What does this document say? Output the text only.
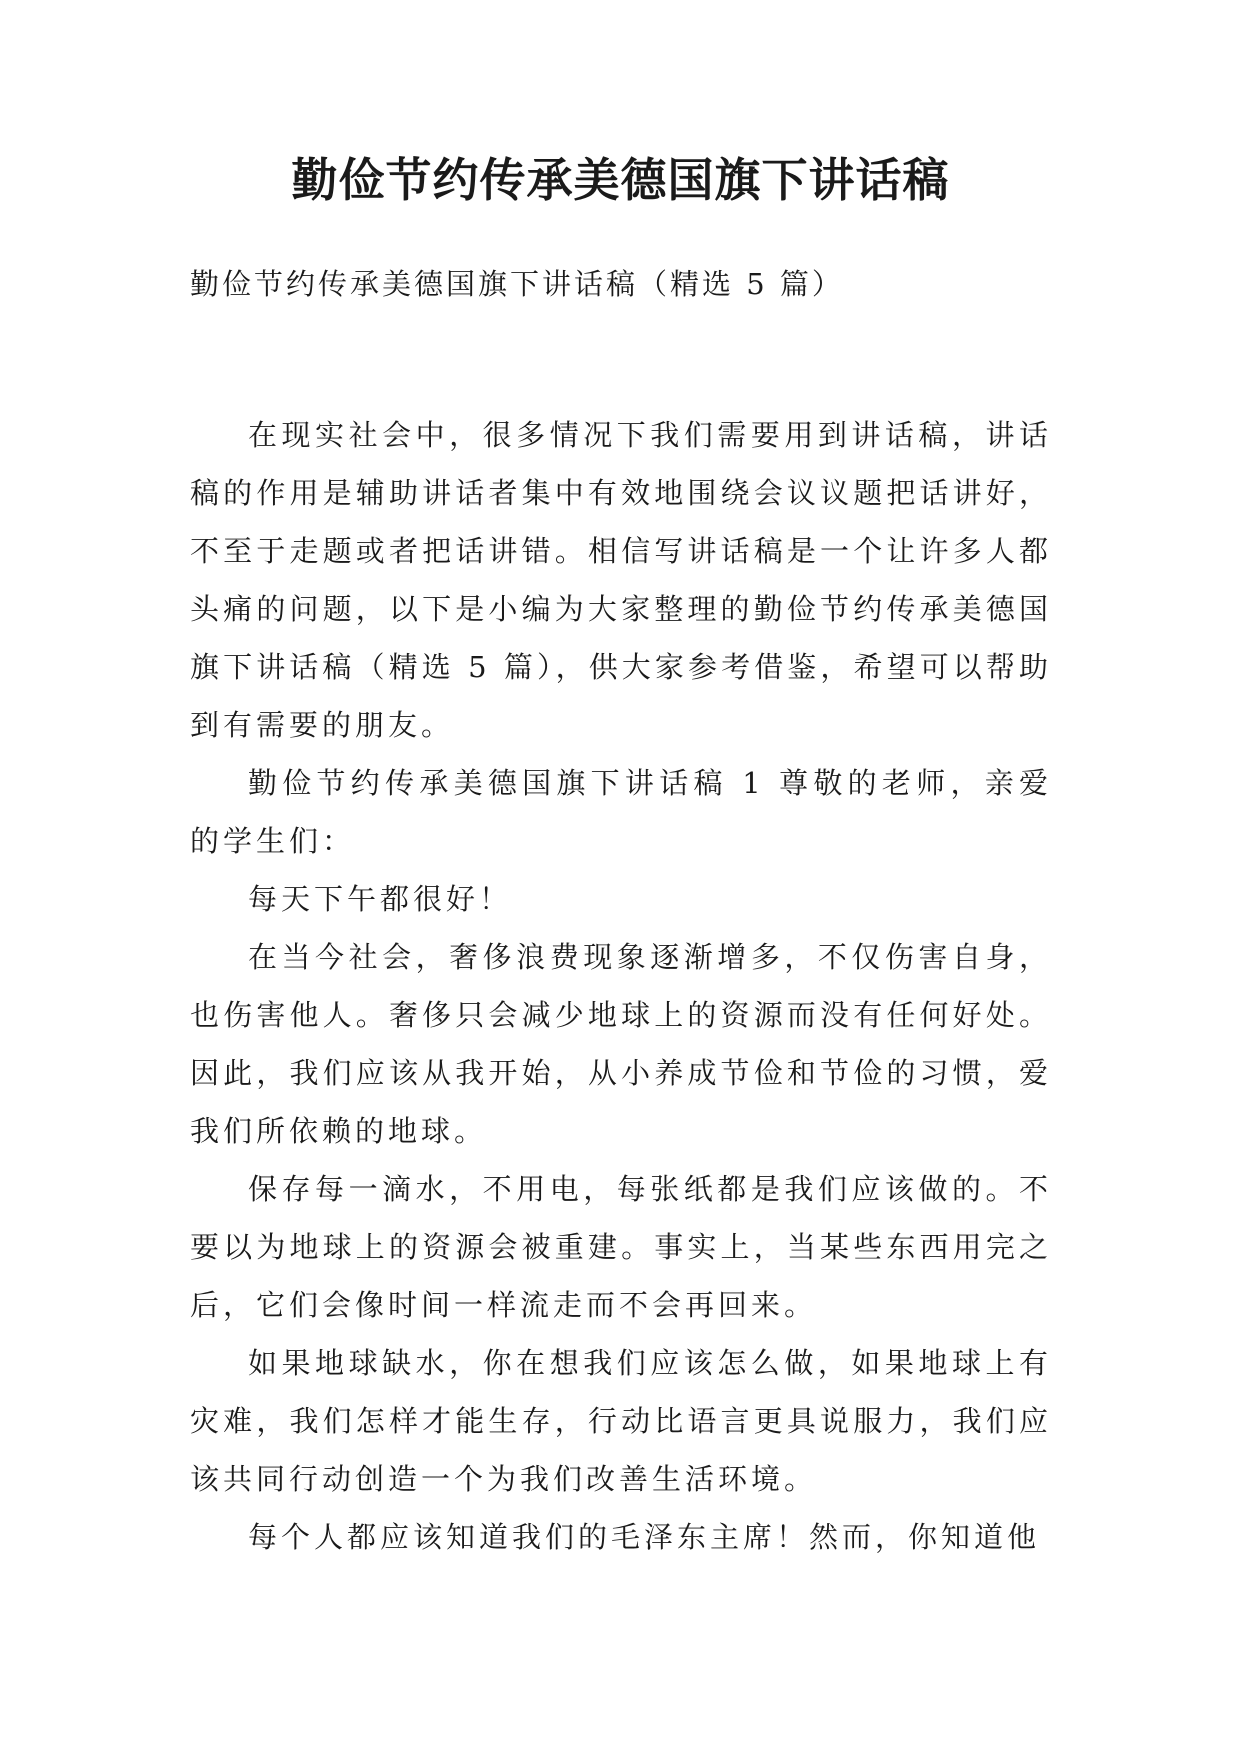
勤俭节约传承美德国旗下讲话稿
勤俭节约传承美德国旗下讲话稿（精选 5 篇）

在现实社会中，很多情况下我们需要用到讲话稿，讲话稿的作用是辅助讲话者集中有效地围绕会议议题把话讲好，不至于走题或者把话讲错。相信写讲话稿是一个让许多人都头痛的问题，以下是小编为大家整理的勤俭节约传承美德国旗下讲话稿（精选 5 篇），供大家参考借鉴，希望可以帮助到有需要的朋友。

勤俭节约传承美德国旗下讲话稿 1 尊敬的老师，亲爱的学生们：

每天下午都很好！

在当今社会，奢侈浪费现象逐渐增多，不仅伤害自身，也伤害他人。奢侈只会减少地球上的资源而没有任何好处。因此，我们应该从我开始，从小养成节俭和节俭的习惯，爱我们所依赖的地球。

保存每一滴水，不用电，每张纸都是我们应该做的。不要以为地球上的资源会被重建。事实上，当某些东西用完之后，它们会像时间一样流走而不会再回来。

如果地球缺水，你在想我们应该怎么做，如果地球上有灾难，我们怎样才能生存，行动比语言更具说服力，我们应该共同行动创造一个为我们改善生活环境。

每个人都应该知道我们的毛泽东主席！然而，你知道他
